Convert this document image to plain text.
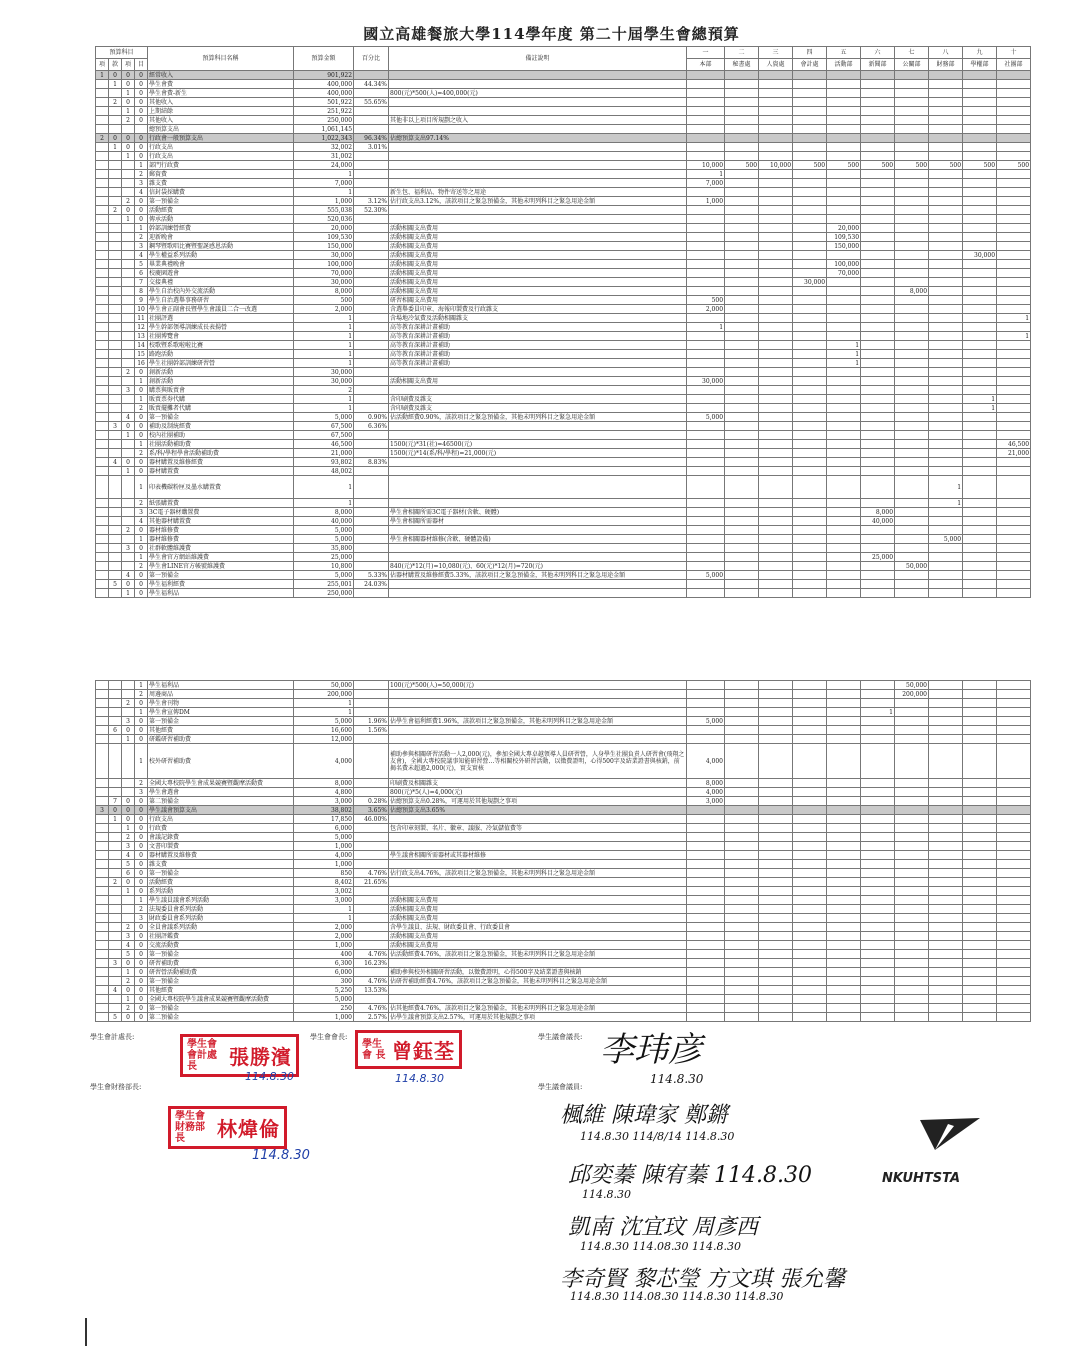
國立高雄餐旅大學114學年度 第二十屆學生會總預算
預算科目				預算科目名稱	預算金額	百分比	備註說明	一	二	三	四	五	六	七	八	九	十
項	款	項	目					本部	秘書處	人資處	會計處	活動部	新聞部	公關部	財務部	學權部	社團部
1	0	0	0	經常收入	901,922												
	1	0	0	學生會費	400,000	44.34%											
		1	0	學生會費-新生	400,000		800(元)*500(人)=400,000(元)										
	2	0	0	其他收入	501,922	55.65%											
		1	0	上期結餘	251,922												
		2	0	其他收入	250,000		其他非以上項目所規劃之收入										
				總預算支出	1,061,145												
2	0	0	0	行政會一般預算支出	1,022,343	96.34%	佔總預算支出97.14%										
	1	0	0	行政支出	32,002	3.01%											
		1	0	行政支出	31,002												
			1	部門行政費	24,000			10,000	500	10,000	500	500	500	500	500	500	500
			2	郵資費	1			1									
			3	雜支費	7,000			7,000									
			4	信封袋採購費	1		新生包、福利品、物件寄送等之用途										
		2	0	第一預備金	1,000	3.12%	佔行政支出3.12%，該款項目之緊急預備金，其他未明列科目之緊急用途金額	1,000									
	2	0	0	活動經費	555,038	52.30%											
		1	0	傳承活動	520,036												
			1	幹部訓練營經費	20,000		活動相關支出費用					20,000					
			2	迎新晚會	109,530		活動相關支出費用					109,530					
			3	鋼琴暨歌唱比賽暨聖誕感恩活動	150,000		活動相關支出費用					150,000					
			4	學生權益系列活動	30,000		活動相關支出費用									30,000	
			5	畢業典禮晚會	100,000		活動相關支出費用					100,000					
			6	校慶園遊會	70,000		活動相關支出費用					70,000					
			7	交接典禮	30,000		活動相關支出費用				30,000						
			8	學生自治校內外交流活動	8,000		活動相關支出費用							8,000			
			9	學生自治選舉事務研習	500		研習相關支出費用	500									
			10	學生會正副會長暨學生會議員二合一改選	2,000		含選舉委員印章、海報印製費及行政雜支	2,000									
			11	社團評選	1		含場地冷氣費及活動相關雜支										1
			12	學生幹部領導訓練成長表揚營	1		高等教育深耕計畫補助	1									
			13	社團博覽會	1		高等教育深耕計畫補助										1
			14	校歌暨系歌啦啦比賽	1		高等教育深耕計畫補助					1					
			15	路跑活動	1		高等教育深耕計畫補助					1					
			16	學生社團幹部訓練研習營	1		高等教育深耕計畫補助					1					
		2	0	創新活動	30,000												
			1	創新活動	30,000		活動相關支出費用	30,000									
		3	0	購票與販賣會	2												
			1	販賣票券代購	1		含印刷費及雜支									1	
			2	販賣擺攤者代購	1		含印刷費及雜支									1	
		4	0	第一預備金	5,000	0.90%	佔活動經費0.90%，該款項目之緊急預備金，其他未明列科目之緊急用途金額	5,000									
	3	0	0	補助及制統經費	67,500	6.36%											
		1	0	校內社團補助	67,500												
			1	社團活動補助費	46,500		1500(元)*31(社)=46500(元)										46,500
			2	系/科/學程學會活動補助費	21,000		1500(元)*14(系/科/學程)=21,000(元)										21,000
	4	0	0	器材購置及維修經費	93,802	8.83%											
		1	0	器材購置費	48,002												
			1	印表機碳粉匣及墨水購置費	1										1		
			2	紙張購置費	1										1		
			3	3C電子器材購置費	8,000		學生會相關所需3C電子器材(含軟、硬體)						8,000				
			4	其他器材購置費	40,000		學生會相關所需器材						40,000				
		2	0	器材維修費	5,000												
			1	器材維修費	5,000		學生會相關器材維修(含軟、硬體設備)								5,000		
		3	0	社群軟體維護費	35,800												
			1	學生會官方網站維護費	25,000								25,000				
			2	學生會LINE官方帳號維護費	10,800		840(元)*12(月)=10,080(元)、60(元)*12(月)=720(元)							50,000			
		4	0	第一預備金	5,000	5.33%	佔器材購置及維修經費5.33%，該款項目之緊急預備金，其他未明列科目之緊急用途金額	5,000									
	5	0	0	學生福利經費	255,001	24.03%											
		1	0	學生福利品	250,000												
			1	學生福利品	50,000		100(元)*500(人)=50,000(元)							50,000			
			2	周邊商品	200,000									200,000			
		2	0	學生會刊物	1												
			1	學生會宣傳DM	1								1				
		3	0	第一預備金	5,000	1.96%	佔學生會福利經費1.96%，該款項目之緊急預備金，其他未明列科目之緊急用途金額	5,000									
	6	0	0	其他經費	16,600	1.56%											
		1	0	研鑑研習補助費	12,000												
			1	校外研習補助費	4,000		補助參與相關研習活動一人2,000(元)，參加全國大專卓越領導人員研習營，人身學生社團負責人研習會(飛翔之友會)，全國大專校院議事知能研習營…等相關校外研習活動，以徵費證明，心得500字及結業證書與核銷，前揭名費未超過2,000(元)，實支實核	4,000									
			2	全國大專校院學生會成果競賽暨觀摩活動費	8,000		印刷費及相關雜支	8,000									
			3	學生會選會	4,800		800(元)*5(人)=4,000(元)	4,000									
	7	0	0	第二預備金	3,000	0.28%	佔總預算支出0.28%，可運用於其他規劃之事項	3,000									
3	0	0	0	學生議會預算支出	38,802	3.65%	佔總預算支出3.65%										
	1	0	0	行政支出	17,850	46.00%											
		1	0	行政費	6,000		包含印章刻製、名片、徽章、議服、冷氣儲值費等										
		2	0	會議記錄費	5,000												
		3	0	文書印製費	1,000												
		4	0	器材購置及維修費	4,000		學生議會相關所需器材或其器材維修										
		5	0	雜支費	1,000												
		6	0	第一預備金	850	4.76%	佔行政支出4.76%，該款項目之緊急預備金，其他未明列科目之緊急用途金額										
	2	0	0	活動經費	8,402	21.65%											
		1	0	系列活動	3,002												
			1	學生議員議會系列活動	3,000		活動相關支出費用										
			2	法規委員會系列活動	1		活動相關支出費用										
			3	財政委員會系列活動	1		活動相關支出費用										
		2	0	全員會議系列活動	2,000		含學生議員、法規、財政委員會、行政委員會										
		3	0	社團評鑑費	2,000		活動相關支出費用										
		4	0	交流活動費	1,000		活動相關支出費用										
		5	0	第一預備金	400	4.76%	佔活動經費4.76%，該款項目之緊急預備金，其他未明列科目之緊急用途金額										
	3	0	0	研習補助費	6,300	16.23%											
		1	0	研習營活動補助費	6,000		補助參與校外相關研習活動，以徵費證明，心得500字及結業證書與核銷										
		2	0	第一預備金	300	4.76%	佔研習補助經費4.76%，該款項目之緊急預備金，其他未明列科目之緊急用途金額										
	4	0	0	其他經費	5,250	13.53%											
		1	0	全國大專校院學生議會成果競賽暨觀摩活動費	5,000												
		2	0	第一預備金	250	4.76%	佔其他經費4.76%，該款項目之緊急預備金，其他未明列科目之緊急用途金額										
	5	0	0	第二預備金	1,000	2.57%	佔學生議會預算支出2.57%，可運用於其他規劃之事項										
學生會計處長:
學生會 會計處長	張勝濱
114.8.30
學生會會長:
學生 會 長 曾鈺荃
114.8.30
學生議會議長: 李玮彦
114.8.30
學生會財務部長:
學生會 財務部長	林煒倫
114.8.30
學生議會議員:
楓維 陳瑋家 鄭鏘
114.8.30 114/8/14 114.8.30
邱奕蓁 陳宥蓁 114.8.30
114.8.30
凱南 沈宜玟 周彥西
114.8.30 114.08.30 114.8.30
李奇賢 黎芯瑩 方文琪 張允馨
114.8.30 114.08.30 114.8.30 114.8.30
NKUHTSTA
